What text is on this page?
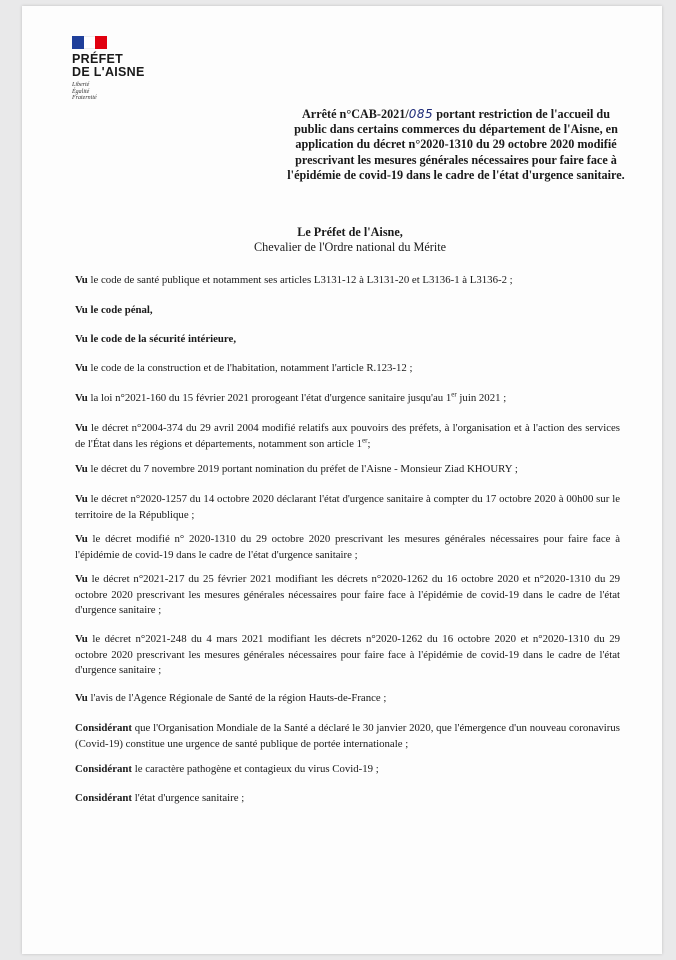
PRÉFET
DE L'AISNE
Liberté
Égalité
Fraternité
Arrêté n°CAB-2021/085 portant restriction de l'accueil du public dans certains commerces du département de l'Aisne, en application du décret n°2020-1310 du 29 octobre 2020 modifié prescrivant les mesures générales nécessaires pour faire face à l'épidémie de covid-19 dans le cadre de l'état d'urgence sanitaire.
Le Préfet de l'Aisne,
Chevalier de l'Ordre national du Mérite
Vu le code de santé publique et notamment ses articles L3131-12 à L3131-20 et L3136-1 à L3136-2 ;
Vu le code pénal,
Vu le code de la sécurité intérieure,
Vu le code de la construction et de l'habitation, notamment l'article R.123-12 ;
Vu la loi n°2021-160 du 15 février 2021 prorogeant l'état d'urgence sanitaire jusqu'au 1er juin 2021 ;
Vu le décret n°2004-374 du 29 avril 2004 modifié relatifs aux pouvoirs des préfets, à l'organisation et à l'action des services de l'État dans les régions et départements, notamment son article 1er;
Vu le décret du 7 novembre 2019 portant nomination du préfet de l'Aisne - Monsieur Ziad KHOURY ;
Vu le décret n°2020-1257 du 14 octobre 2020 déclarant l'état d'urgence sanitaire à compter du 17 octobre 2020 à 00h00 sur le territoire de la République ;
Vu le décret modifié n° 2020-1310 du 29 octobre 2020 prescrivant les mesures générales nécessaires pour faire face à l'épidémie de covid-19 dans le cadre de l'état d'urgence sanitaire ;
Vu le décret n°2021-217 du 25 février 2021 modifiant les décrets n°2020-1262 du 16 octobre 2020 et n°2020-1310 du 29 octobre 2020 prescrivant les mesures générales nécessaires pour faire face à l'épidémie de covid-19 dans le cadre de l'état d'urgence sanitaire ;
Vu le décret n°2021-248 du 4 mars 2021 modifiant les décrets n°2020-1262 du 16 octobre 2020 et n°2020-1310 du 29 octobre 2020 prescrivant les mesures générales nécessaires pour faire face à l'épidémie de covid-19 dans le cadre de l'état d'urgence sanitaire ;
Vu l'avis de l'Agence Régionale de Santé de la région Hauts-de-France ;
Considérant que l'Organisation Mondiale de la Santé a déclaré le 30 janvier 2020, que l'émergence d'un nouveau coronavirus (Covid-19) constitue une urgence de santé publique de portée internationale ;
Considérant le caractère pathogène et contagieux du virus Covid-19 ;
Considérant l'état d'urgence sanitaire ;
